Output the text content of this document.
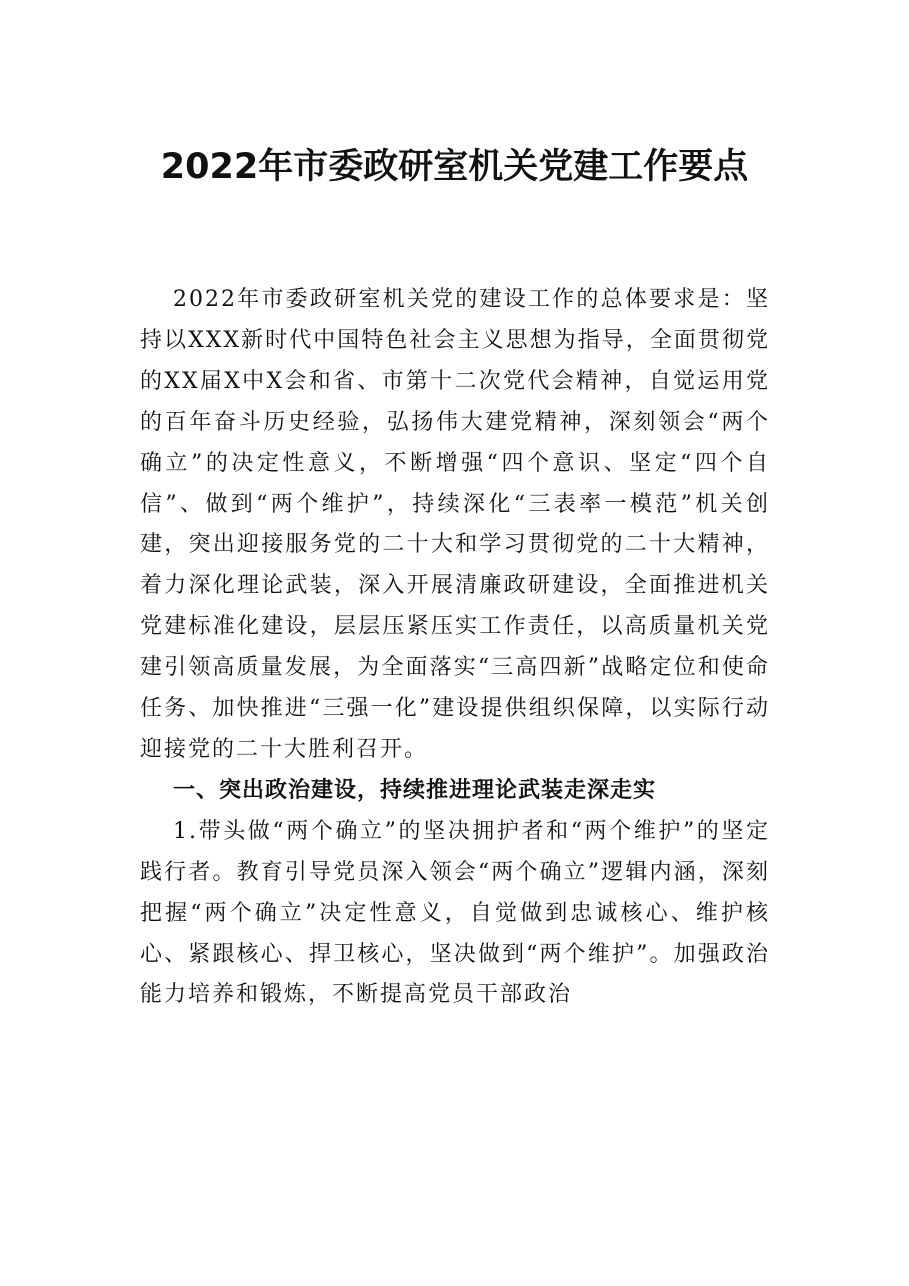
2022年市委政研室机关党建工作要点

2022年市委政研室机关党的建设工作的总体要求是：坚持以XXX新时代中国特色社会主义思想为指导，全面贯彻党的XX届X中X会和省、市第十二次党代会精神，自觉运用党的百年奋斗历史经验，弘扬伟大建党精神，深刻领会“两个确立”的决定性意义，不断增强“四个意识、坚定“四个自信”、做到“两个维护”，持续深化“三表率一模范”机关创建，突出迎接服务党的二十大和学习贯彻党的二十大精神，着力深化理论武装，深入开展清廉政研建设，全面推进机关党建标准化建设，层层压紧压实工作责任，以高质量机关党建引领高质量发展，为全面落实“三高四新”战略定位和使命任务、加快推进“三强一化”建设提供组织保障，以实际行动迎接党的二十大胜利召开。

一、突出政治建设，持续推进理论武装走深走实

1.带头做“两个确立”的坚决拥护者和“两个维护”的坚定践行者。教育引导党员深入领会“两个确立”逻辑内涵，深刻把握“两个确立”决定性意义，自觉做到忠诚核心、维护核心、紧跟核心、捍卫核心，坚决做到“两个维护”。加强政治能力培养和锻炼，不断提高党员干部政治
